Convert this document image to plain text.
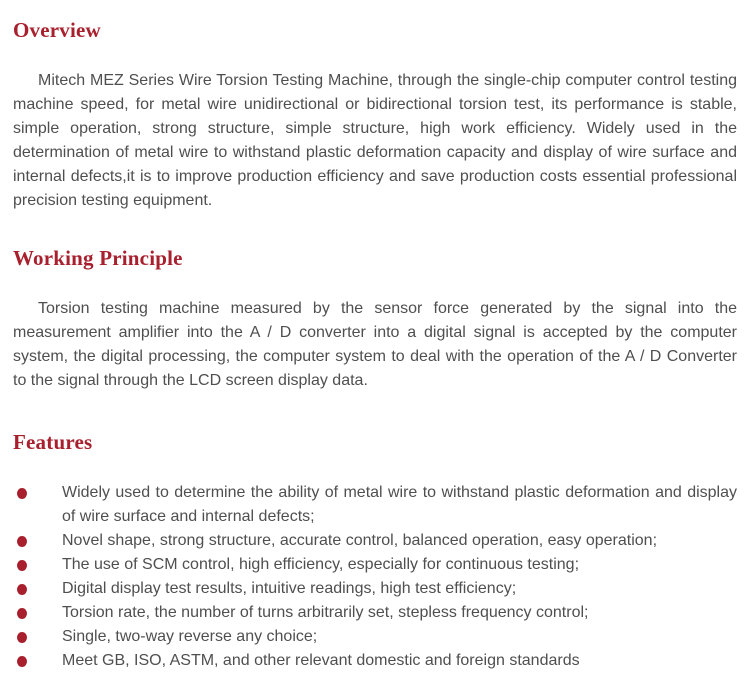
Overview

Mitech MEZ Series Wire Torsion Testing Machine, through the single-chip computer control testing machine speed, for metal wire unidirectional or bidirectional torsion test, its performance is stable, simple operation, strong structure, simple structure, high work efficiency. Widely used in the determination of metal wire to withstand plastic deformation capacity and display of wire surface and internal defects,it is to improve production efficiency and save production costs essential professional precision testing equipment.

Working Principle

Torsion testing machine measured by the sensor force generated by the signal into the measurement amplifier into the A / D converter into a digital signal is accepted by the computer system, the digital processing, the computer system to deal with the operation of the A / D Converter to the signal through the LCD screen display data.

Features
Widely used to determine the ability of metal wire to withstand plastic deformation and display of wire surface and internal defects;
Novel shape, strong structure, accurate control, balanced operation, easy operation;
The use of SCM control, high efficiency, especially for continuous testing;
Digital display test results, intuitive readings, high test efficiency;
Torsion rate, the number of turns arbitrarily set, stepless frequency control;
Single, two-way reverse any choice;
Meet GB, ISO, ASTM, and other relevant domestic and foreign standards
